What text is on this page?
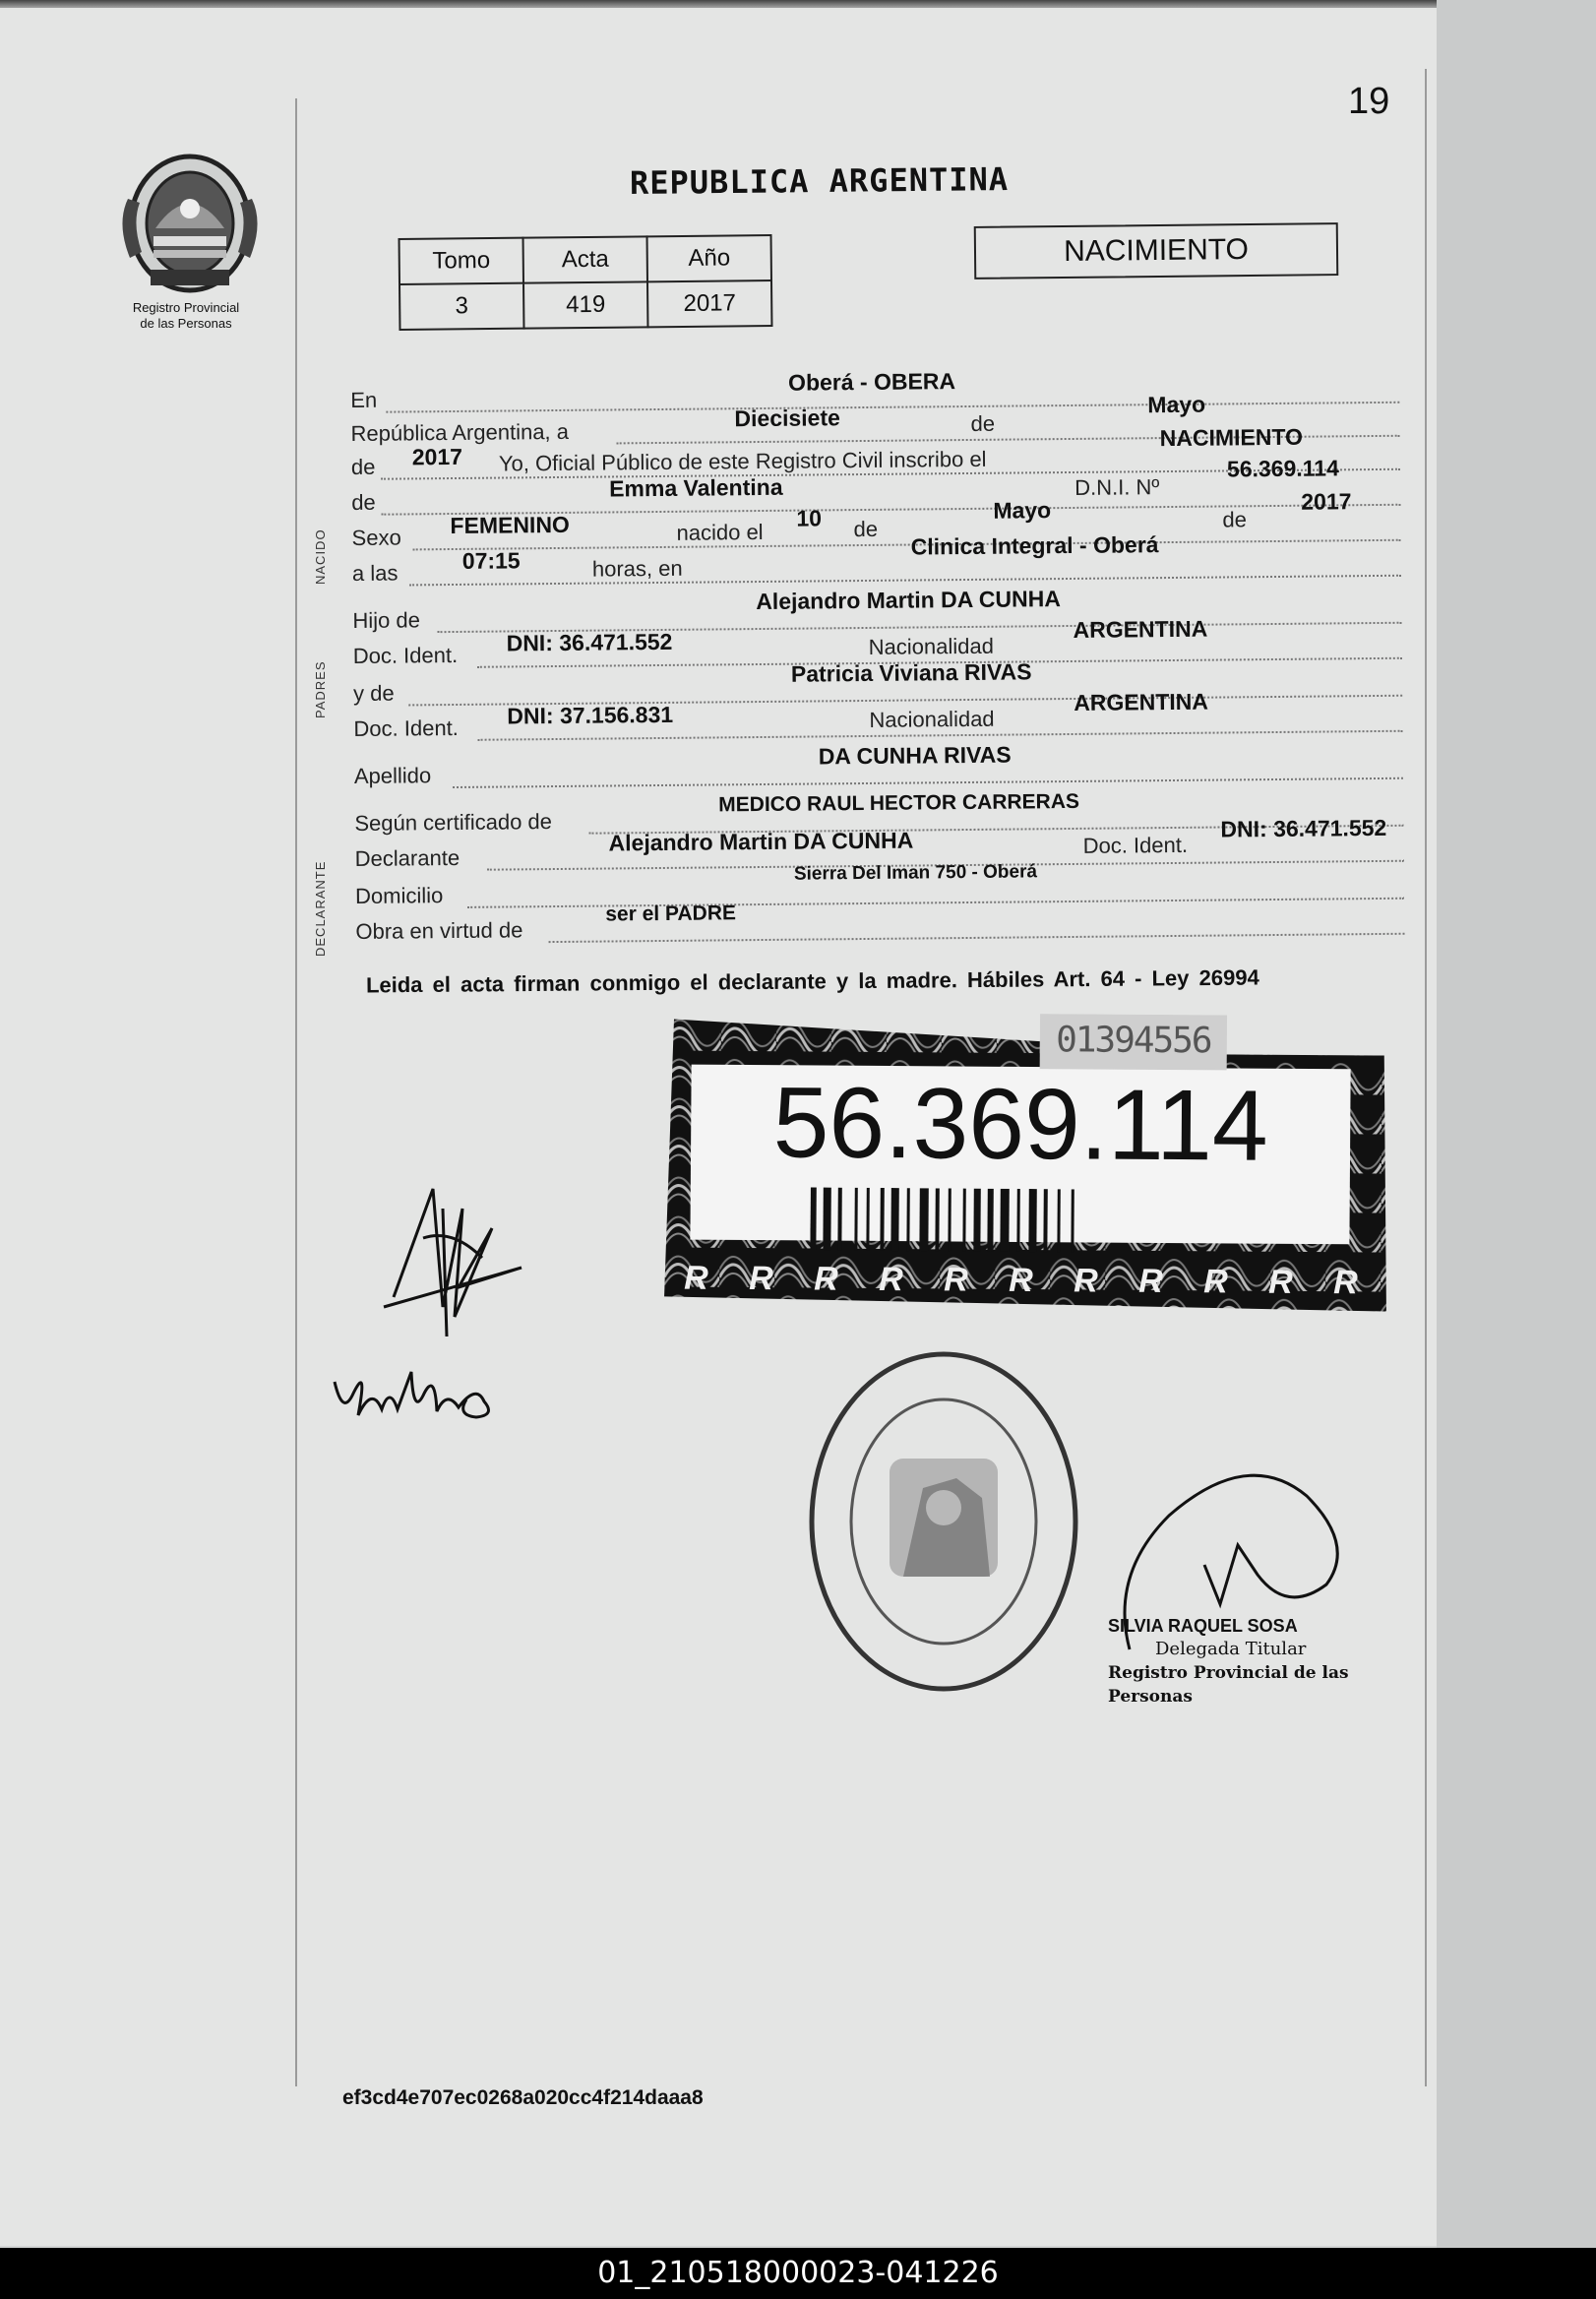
19
Registro Provincial
de las Personas
REPUBLICA ARGENTINA
Tomo	Acta	Año
3	419	2017
NACIMIENTO
NACIDO
PADRES
DECLARANTE
En
Oberá - OBERA
República Argentina, a
Diecisiete	de
Mayo
de 2017 Yo, Oficial Público de este Registro Civil inscribo el
NACIMIENTO
de
Emma Valentina	D.N.I. Nº
56.369.114
Sexo FEMENINO	nacido el
10 de
Mayo	de
2017
a las	07:15	horas, en
Clinica Integral - Oberá
Hijo de
Alejandro Martin DA CUNHA
Doc. Ident. DNI: 36.471.552	Nacionalidad
ARGENTINA
y de
Patricia Viviana RIVAS
Doc. Ident. DNI: 37.156.831	Nacionalidad
ARGENTINA
Apellido
DA CUNHA RIVAS
Según certificado de
MEDICO RAUL HECTOR CARRERAS
Declarante
Alejandro Martin DA CUNHA	Doc. Ident.
DNI: 36.471.552
Domicilio
Sierra Del Iman 750 - Oberá
Obra en virtud de
ser el PADRE
Leida el acta firman conmigo el declarante y la madre. Hábiles Art. 64 - Ley 26994
R R R R R R R R R R R
01394556
56.369.114
SILVIA RAQUEL SOSA
Delegada Titular
Registro Provincial de las Personas
ef3cd4e707ec0268a020cc4f214daaa8
01_210518000023-041226
